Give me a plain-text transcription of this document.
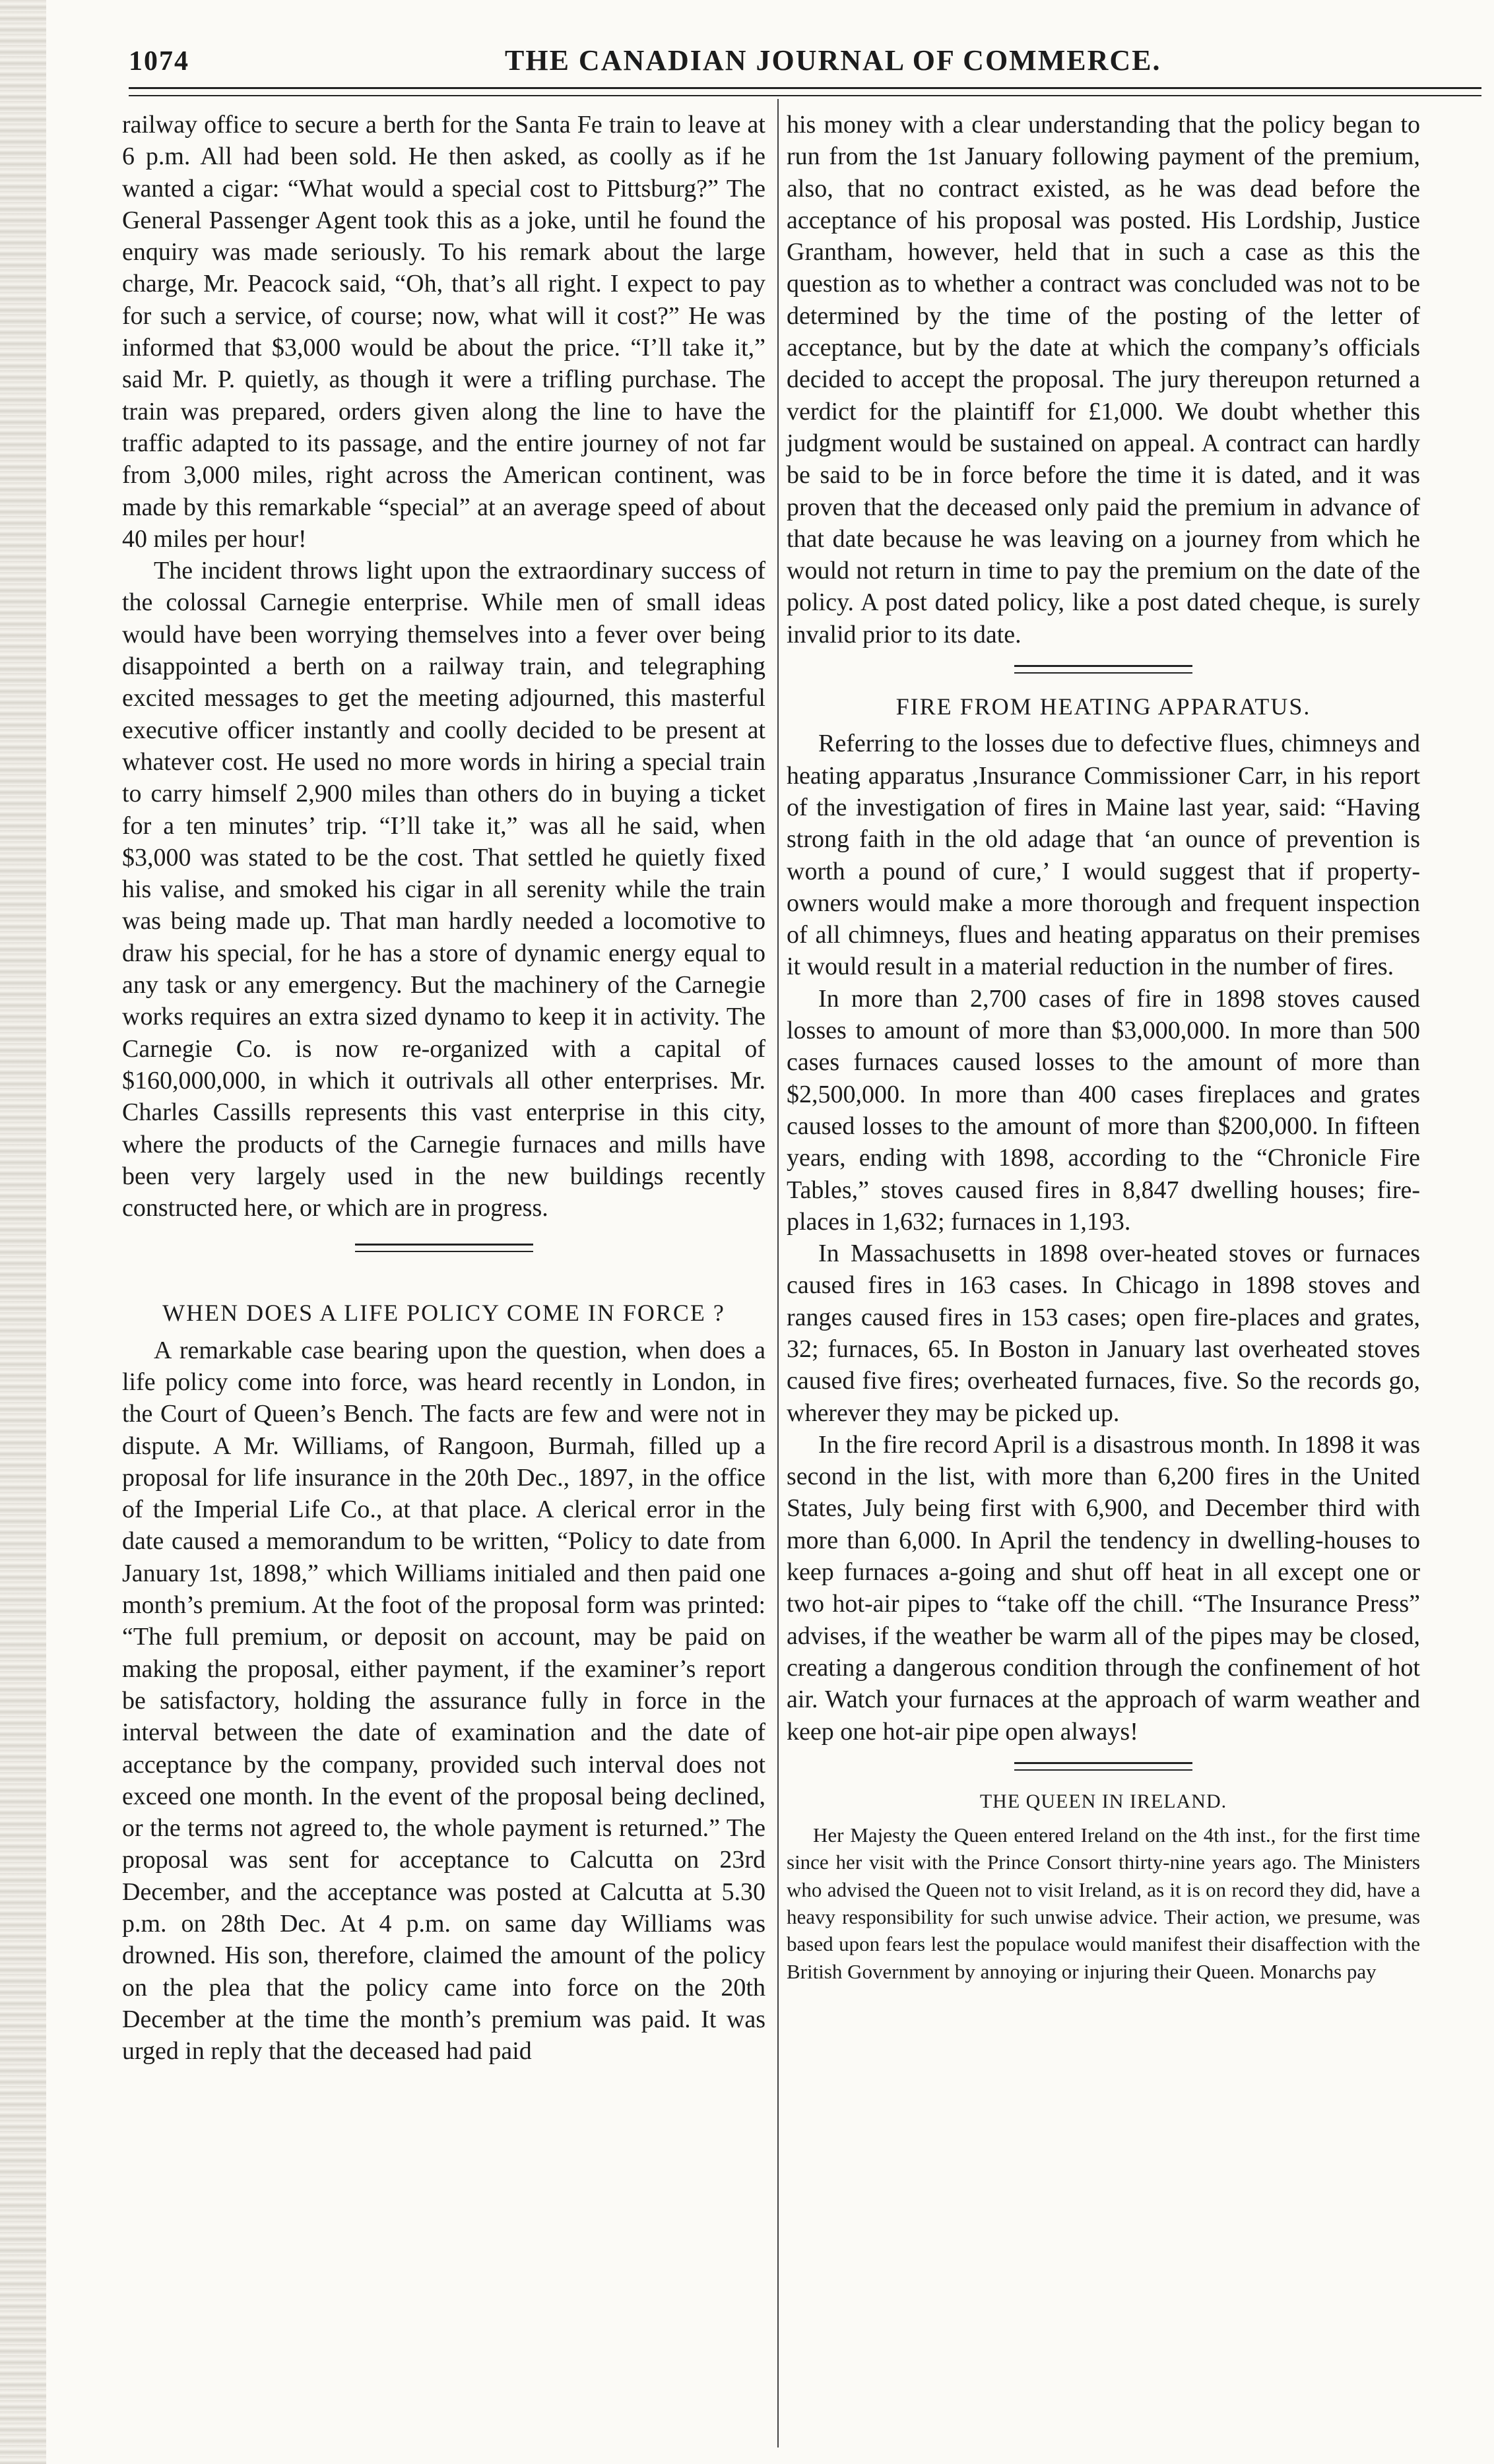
1074	THE CANADIAN JOURNAL OF COMMERCE.

railway office to secure a berth for the Santa Fe train to leave at 6 p.m. All had been sold. He then asked, as coolly as if he wanted a cigar: “What would a special cost to Pittsburg?” The General Passenger Agent took this as a joke, until he found the enquiry was made seriously. To his remark about the large charge, Mr. Peacock said, “Oh, that’s all right. I expect to pay for such a service, of course; now, what will it cost?” He was informed that $3,000 would be about the price. “I’ll take it,” said Mr. P. quietly, as though it were a trifling purchase. The train was prepared, orders given along the line to have the traffic adapted to its passage, and the entire journey of not far from 3,000 miles, right across the American continent, was made by this remarkable “special” at an average speed of about 40 miles per hour!

The incident throws light upon the extraordinary success of the colossal Carnegie enterprise. While men of small ideas would have been worrying themselves into a fever over being disappointed a berth on a railway train, and telegraphing excited messages to get the meeting adjourned, this masterful executive officer instantly and coolly decided to be present at whatever cost. He used no more words in hiring a special train to carry himself 2,900 miles than others do in buying a ticket for a ten minutes’ trip. “I’ll take it,” was all he said, when $3,000 was stated to be the cost. That settled he quietly fixed his valise, and smoked his cigar in all serenity while the train was being made up. That man hardly needed a locomotive to draw his special, for he has a store of dynamic energy equal to any task or any emergency. But the machinery of the Carnegie works requires an extra sized dynamo to keep it in activity. The Carnegie Co. is now re-organized with a capital of $160,000,000, in which it outrivals all other enterprises. Mr. Charles Cassills represents this vast enterprise in this city, where the products of the Carnegie furnaces and mills have been very largely used in the new buildings recently constructed here, or which are in progress.

WHEN DOES A LIFE POLICY COME IN FORCE ?

A remarkable case bearing upon the question, when does a life policy come into force, was heard recently in London, in the Court of Queen’s Bench. The facts are few and were not in dispute. A Mr. Williams, of Rangoon, Burmah, filled up a proposal for life insurance in the 20th Dec., 1897, in the office of the Imperial Life Co., at that place. A clerical error in the date caused a memorandum to be written, “Policy to date from January 1st, 1898,” which Williams initialed and then paid one month’s premium. At the foot of the proposal form was printed: “The full premium, or deposit on account, may be paid on making the proposal, either payment, if the examiner’s report be satisfactory, holding the assurance fully in force in the interval between the date of examination and the date of acceptance by the company, provided such interval does not exceed one month. In the event of the proposal being declined, or the terms not agreed to, the whole payment is returned.” The proposal was sent for acceptance to Calcutta on 23rd December, and the acceptance was posted at Calcutta at 5.30 p.m. on 28th Dec. At 4 p.m. on same day Williams was drowned. His son, therefore, claimed the amount of the policy on the plea that the policy came into force on the 20th December at the time the month’s premium was paid. It was urged in reply that the deceased had paid

his money with a clear understanding that the policy began to run from the 1st January following payment of the premium, also, that no contract existed, as he was dead before the acceptance of his proposal was posted. His Lordship, Justice Grantham, however, held that in such a case as this the question as to whether a contract was concluded was not to be determined by the time of the posting of the letter of acceptance, but by the date at which the company’s officials decided to accept the proposal. The jury thereupon returned a verdict for the plaintiff for £1,000. We doubt whether this judgment would be sustained on appeal. A contract can hardly be said to be in force before the time it is dated, and it was proven that the deceased only paid the premium in advance of that date because he was leaving on a journey from which he would not return in time to pay the premium on the date of the policy. A post dated policy, like a post dated cheque, is surely invalid prior to its date.

FIRE FROM HEATING APPARATUS.

Referring to the losses due to defective flues, chimneys and heating apparatus ,Insurance Commissioner Carr, in his report of the investigation of fires in Maine last year, said: “Having strong faith in the old adage that ‘an ounce of prevention is worth a pound of cure,’ I would suggest that if property-owners would make a more thorough and frequent inspection of all chimneys, flues and heating apparatus on their premises it would result in a material reduction in the number of fires.

In more than 2,700 cases of fire in 1898 stoves caused losses to amount of more than $3,000,000. In more than 500 cases furnaces caused losses to the amount of more than $2,500,000. In more than 400 cases fireplaces and grates caused losses to the amount of more than $200,000. In fifteen years, ending with 1898, according to the “Chronicle Fire Tables,” stoves caused fires in 8,847 dwelling houses; fire-places in 1,632; furnaces in 1,193.

In Massachusetts in 1898 over-heated stoves or furnaces caused fires in 163 cases. In Chicago in 1898 stoves and ranges caused fires in 153 cases; open fire-places and grates, 32; furnaces, 65. In Boston in January last overheated stoves caused five fires; overheated furnaces, five. So the records go, wherever they may be picked up.

In the fire record April is a disastrous month. In 1898 it was second in the list, with more than 6,200 fires in the United States, July being first with 6,900, and December third with more than 6,000. In April the tendency in dwelling-houses to keep furnaces a-going and shut off heat in all except one or two hot-air pipes to “take off the chill. “The Insurance Press” advises, if the weather be warm all of the pipes may be closed, creating a dangerous condition through the confinement of hot air. Watch your furnaces at the approach of warm weather and keep one hot-air pipe open always!

THE QUEEN IN IRELAND.

Her Majesty the Queen entered Ireland on the 4th inst., for the first time since her visit with the Prince Consort thirty-nine years ago. The Ministers who advised the Queen not to visit Ireland, as it is on record they did, have a heavy responsibility for such unwise advice. Their action, we presume, was based upon fears lest the populace would manifest their disaffection with the British Government by annoying or injuring their Queen. Monarchs pay
